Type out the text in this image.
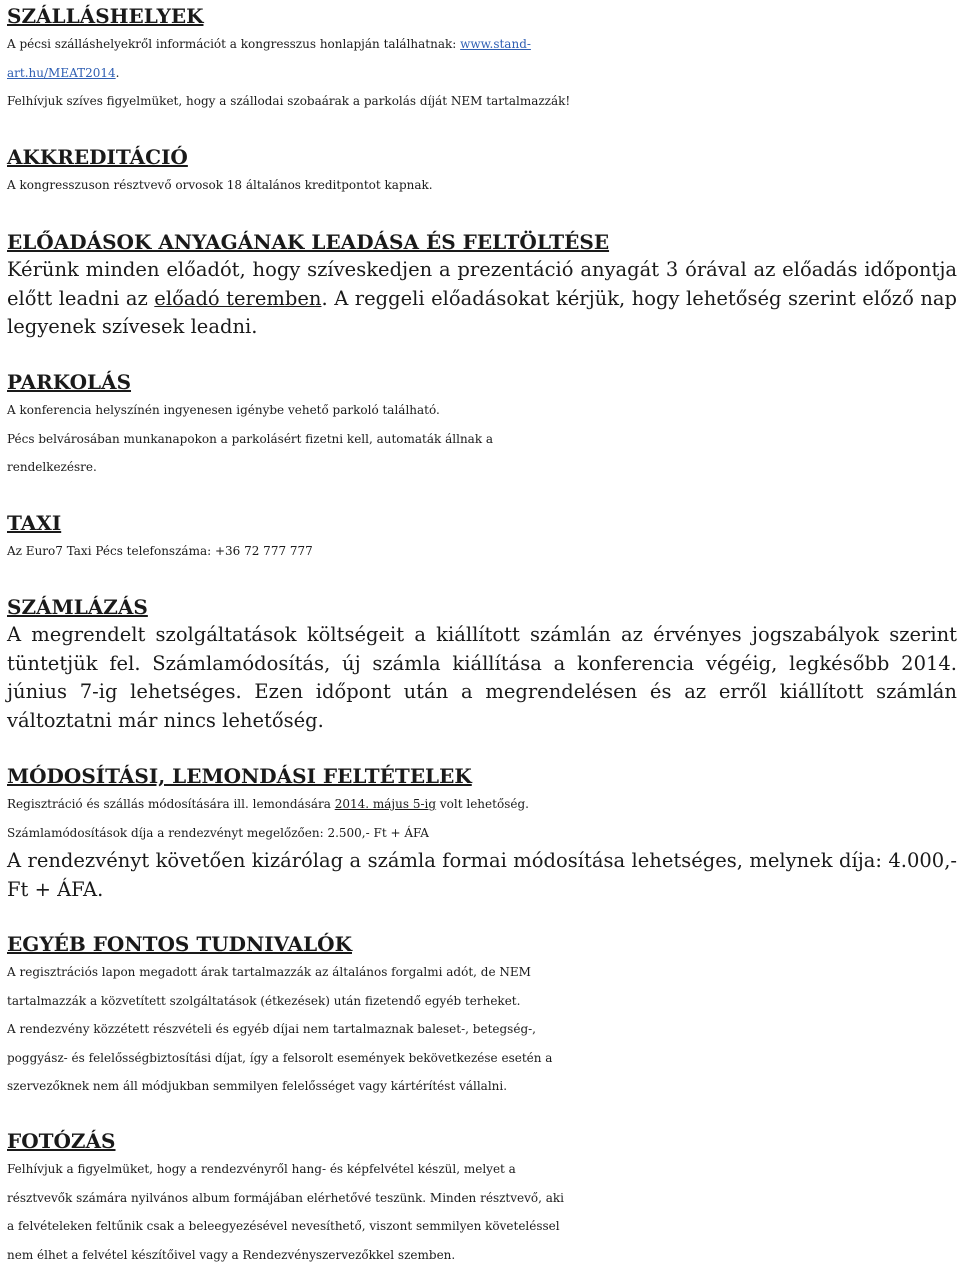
SZÁLLÁSHELYEK
A pécsi szálláshelyekről információt a kongresszus honlapján találhatnak: www.stand-
art.hu/MEAT2014.
Felhívjuk szíves figyelmüket, hogy a szállodai szobaárak a parkolás díját NEM tartalmazzák!
AKKREDITÁCIÓ
A kongresszuson résztvevő orvosok 18 általános kreditpontot kapnak.
ELŐADÁSOK ANYAGÁNAK LEADÁSA ÉS FELTÖLTÉSE
Kérünk minden előadót, hogy szíveskedjen a prezentáció anyagát 3 órával az előadás időpontja előtt leadni az előadó teremben. A reggeli előadásokat kérjük, hogy lehetőség szerint előző nap legyenek szívesek leadni.
PARKOLÁS
A konferencia helyszínén ingyenesen igénybe vehető parkoló található.
Pécs belvárosában munkanapokon a parkolásért fizetni kell, automaták állnak a
rendelkezésre.
TAXI
Az Euro7 Taxi Pécs telefonszáma: +36 72 777 777
SZÁMLÁZÁS
A megrendelt szolgáltatások költségeit a kiállított számlán az érvényes jogszabályok szerint tüntetjük fel. Számlamódosítás, új számla kiállítása a konferencia végéig, legkésőbb 2014. június 7-ig lehetséges. Ezen időpont után a megrendelésen és az erről kiállított számlán változtatni már nincs lehetőség.
MÓDOSÍTÁSI, LEMONDÁSI FELTÉTELEK
Regisztráció és szállás módosítására ill. lemondására 2014. május 5-ig volt lehetőség.
Számlamódosítások díja a rendezvényt megelőzően: 2.500,- Ft + ÁFA
A rendezvényt követően kizárólag a számla formai módosítása lehetséges, melynek díja: 4.000,- Ft + ÁFA.
EGYÉB FONTOS TUDNIVALÓK
A regisztrációs lapon megadott árak tartalmazzák az általános forgalmi adót, de NEM
tartalmazzák a közvetített szolgáltatások (étkezések) után fizetendő egyéb terheket.
A rendezvény közzétett részvételi és egyéb díjai nem tartalmaznak baleset-, betegség-,
poggyász- és felelősségbiztosítási díjat, így a felsorolt események bekövetkezése esetén a
szervezőknek nem áll módjukban semmilyen felelősséget vagy kártérítést vállalni.
FOTÓZÁS
Felhívjuk a figyelmüket, hogy a rendezvényről hang- és képfelvétel készül, melyet a
résztvevők számára nyilvános album formájában elérhetővé teszünk. Minden résztvevő, aki
a felvételeken feltűnik csak a beleegyezésével nevesíthető, viszont semmilyen követeléssel
nem élhet a felvétel készítőivel vagy a Rendezvényszervezőkkel szemben.
